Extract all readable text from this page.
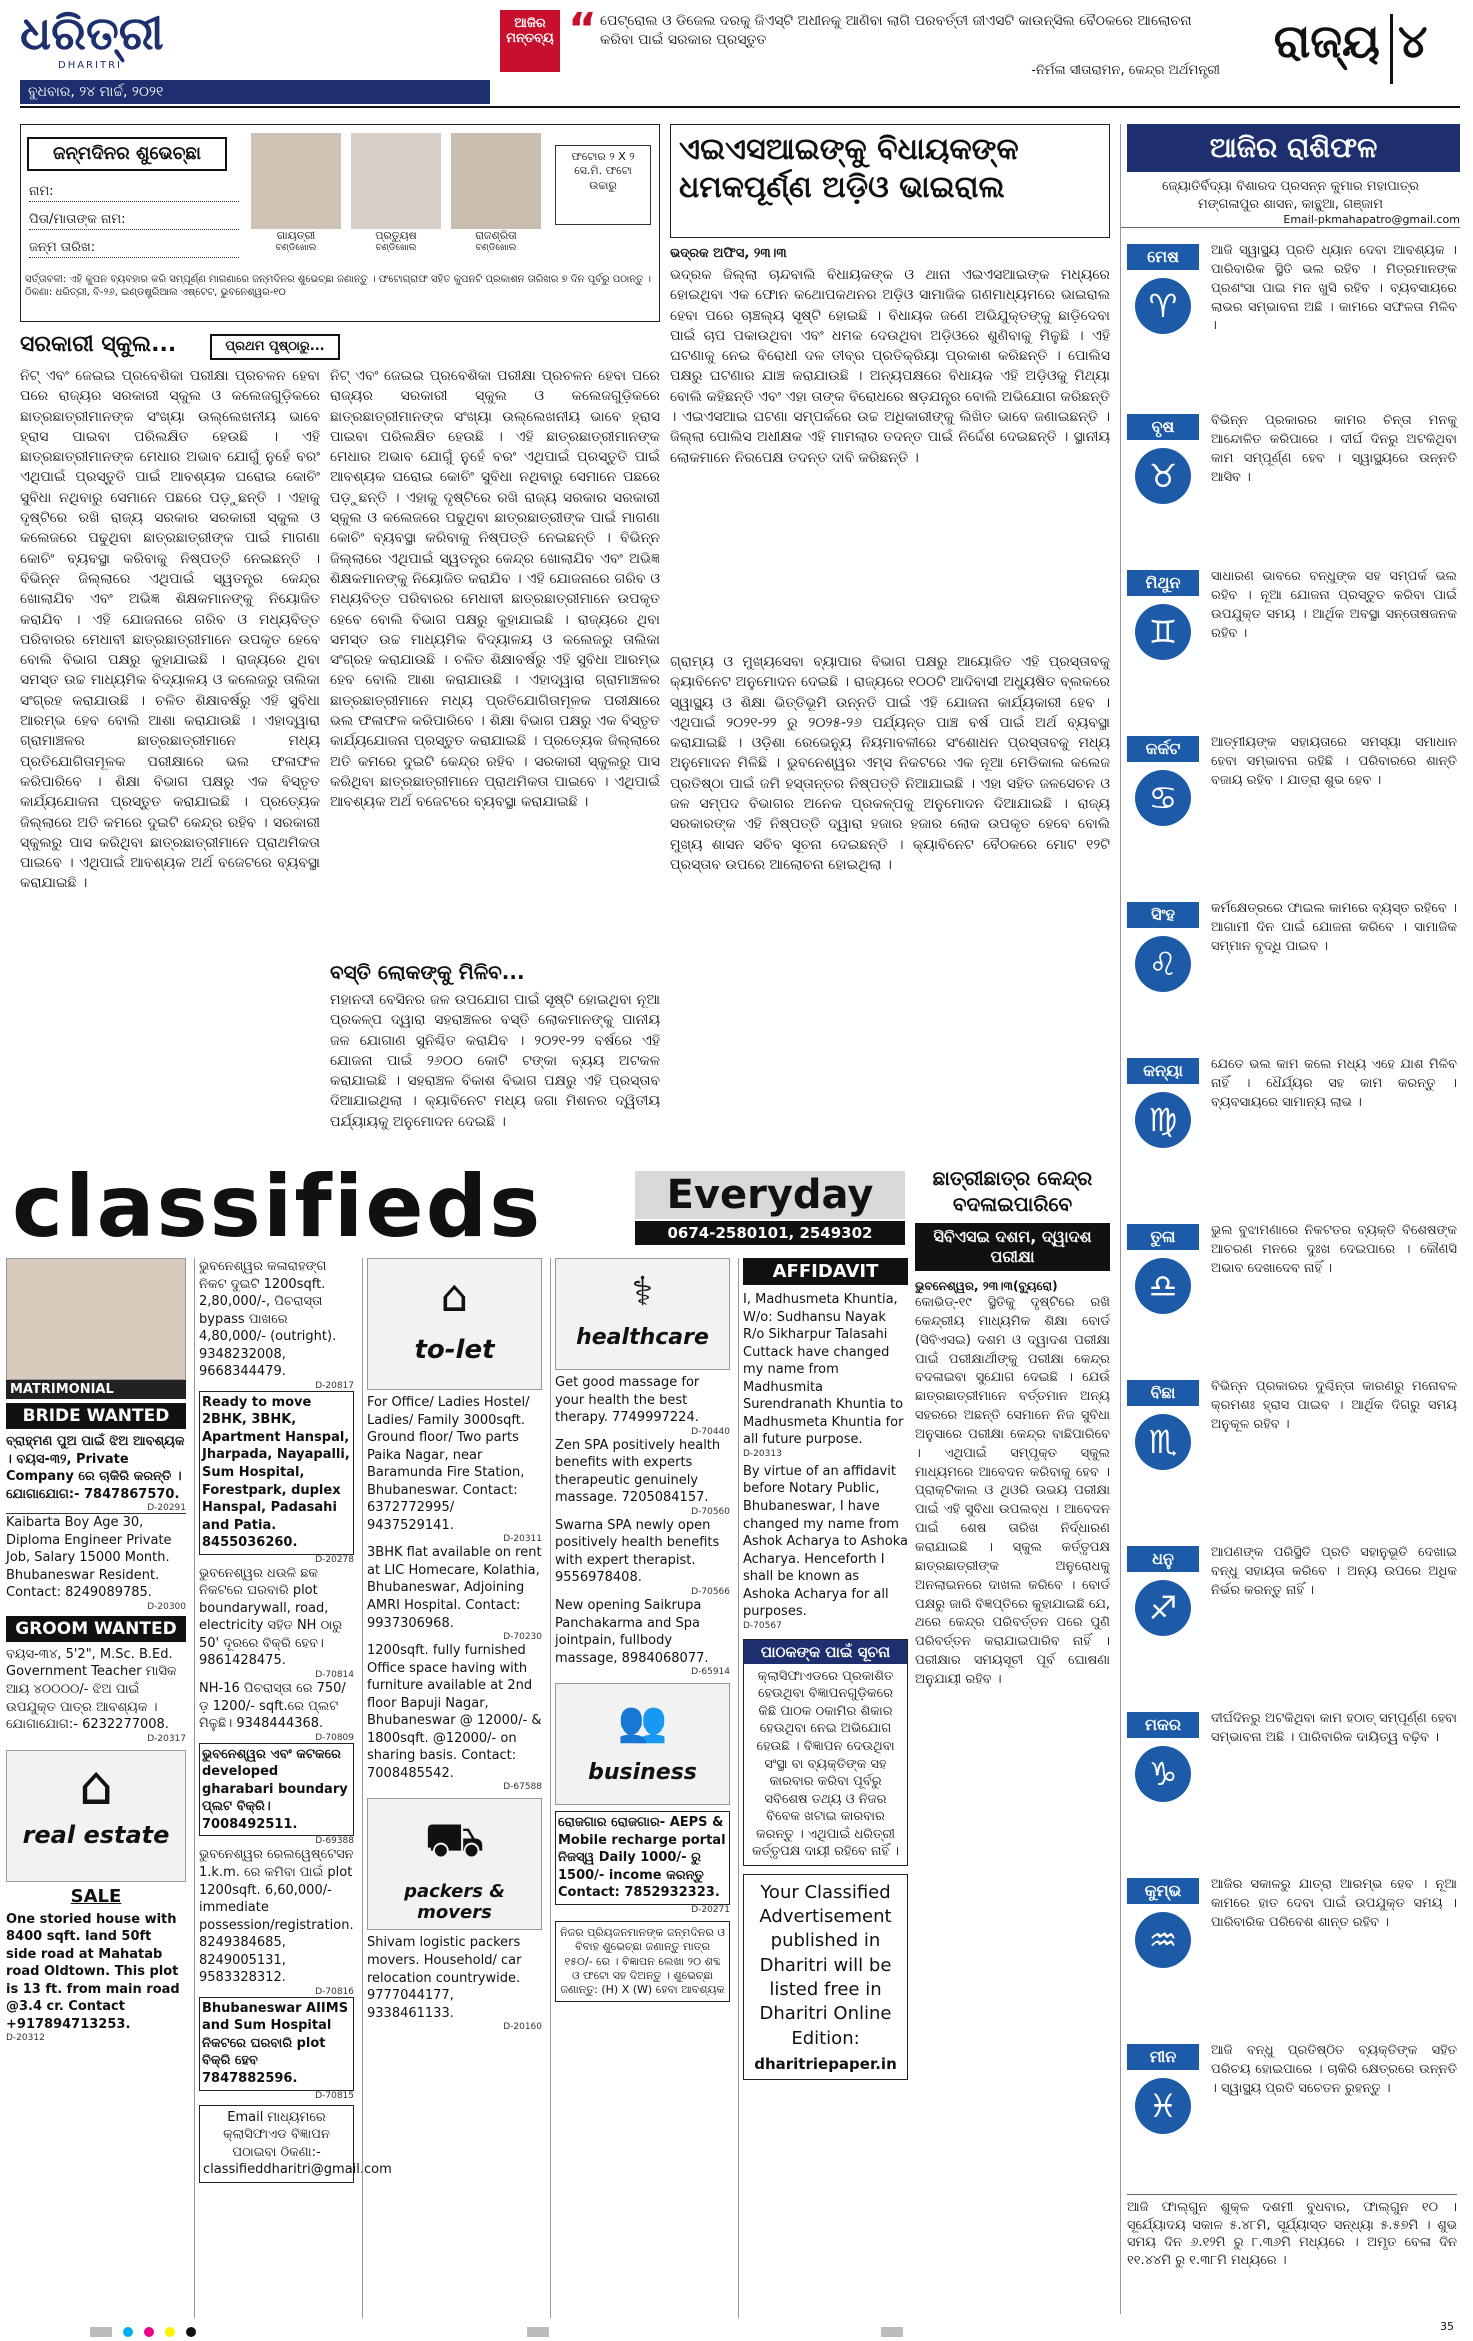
ଧରିତ୍ରୀ
DHARITRI
ବୁଧବାର, ୨୪ ମାର୍ଚ୍ଚ, ୨୦୨୧
ଆଜିର ମନ୍ତବ୍ୟ “ ପେଟ୍ରୋଲ ଓ ଡିଜେଲ ଦରକୁ ଜିଏସ୍‌ଟି ଅଧୀନକୁ ଆଣିବା ଲାଗି ପରବର୍ତ୍ତୀ ଜୀଏସଟି କାଉନ୍ସିଲ ବୈଠକରେ ଆଲୋଚନା କରିବା ପାଇଁ ସରକାର ପ୍ରସ୍ତୁତ
-ନିର୍ମଳା ସୀତାରାମନ, କେନ୍ଦ୍ର ଅର୍ଥମନ୍ତ୍ରୀ
ରାଜ୍ୟ ୪
ଜନ୍ମଦିନର ଶୁଭେଚ୍ଛା
ନାମ:
ପିତା/ମାତାଙ୍କ ନାମ:
ଜନ୍ମ ତାରିଖ:
ଗାୟତ୍ରୀ
ଚଣ୍ଡିଖୋଲ
ପ୍ରତ୍ୟୁଷ
ଚଣ୍ଡିଖୋଲ
ରାଜଶ୍ରିତା
ଚଣ୍ଡିଖୋଲ
ଫଟୋର ୨ X ୨ ସେ.ମି. ଫଟୋ ଉଚ୍ଚାରୁ
ସର୍ତ୍ତାବଳୀ: ଏହି କୁପନ ବ୍ୟବହାର କରି ସମ୍ପୂର୍ଣ୍ଣ ମାଗଣାରେ ଜନ୍ମଦିନର ଶୁଭେଚ୍ଛା ଜଣାନ୍ତୁ । ଫଟୋଗ୍ରାଫ ସହିତ କୁପନଟି ପ୍ରକାଶନ ତାରିଖର ୭ ଦିନ ପୂର୍ବରୁ ପଠାନ୍ତୁ । ଠିକଣା: ଧରିତ୍ରୀ, ବି-୨୬, ଇଣ୍ଡଷ୍ଟ୍ରିଆଲ ଏଷ୍ଟେଟ, ଭୁବନେଶ୍ୱର-୧୦
ସରକାରୀ ସ୍କୁଲ...
ନିଟ୍ ଏବଂ ଜେଇଇ ପ୍ରବେଶିକା ପରୀକ୍ଷା ପ୍ରଚଳନ ହେବା ପରେ ରାଜ୍ୟର ସରକାରୀ ସ୍କୁଲ ଓ କଲେଜଗୁଡ଼ିକରେ ଛାତ୍ରଛାତ୍ରୀମାନଙ୍କ ସଂଖ୍ୟା ଉଲ୍ଲେଖନୀୟ ଭାବେ ହ୍ରାସ ପାଇବା ପରିଲକ୍ଷିତ ହେଉଛି । ଏହି ଛାତ୍ରଛାତ୍ରୀମାନଙ୍କ ମେଧାର ଅଭାବ ଯୋଗୁଁ ନୁହେଁ ବରଂ ଏଥିପାଇଁ ପ୍ରସ୍ତୁତି ପାଇଁ ଆବଶ୍ୟକ ଘରୋଇ କୋଚିଂ ସୁବିଧା ନଥିବାରୁ ସେମାନେ ପଛରେ ପଡ଼ୁଛନ୍ତି । ଏହାକୁ ଦୃଷ୍ଟିରେ ରଖି ରାଜ୍ୟ ସରକାର ସରକାରୀ ସ୍କୁଲ ଓ କଲେଜରେ ପଢୁଥିବା ଛାତ୍ରଛାତ୍ରୀଙ୍କ ପାଇଁ ମାଗଣା କୋଚିଂ ବ୍ୟବସ୍ଥା କରିବାକୁ ନିଷ୍ପତ୍ତି ନେଇଛନ୍ତି । ବିଭିନ୍ନ ଜିଲ୍ଲାରେ ଏଥିପାଇଁ ସ୍ୱତନ୍ତ୍ର କେନ୍ଦ୍ର ଖୋଲାଯିବ ଏବଂ ଅଭିଜ୍ଞ ଶିକ୍ଷକମାନଙ୍କୁ ନିୟୋଜିତ କରାଯିବ । ଏହି ଯୋଜନାରେ ଗରିବ ଓ ମଧ୍ୟବିତ୍ତ ପରିବାରର ମେଧାବୀ ଛାତ୍ରଛାତ୍ରୀମାନେ ଉପକୃତ ହେବେ ବୋଲି ବିଭାଗ ପକ୍ଷରୁ କୁହାଯାଇଛି । ରାଜ୍ୟରେ ଥିବା ସମସ୍ତ ଉଚ୍ଚ ମାଧ୍ୟମିକ ବିଦ୍ୟାଳୟ ଓ କଲେଜରୁ ତାଲିକା ସଂଗ୍ରହ କରାଯାଉଛି । ଚଳିତ ଶିକ୍ଷାବର୍ଷରୁ ଏହି ସୁବିଧା ଆରମ୍ଭ ହେବ ବୋଲି ଆଶା କରାଯାଉଛି । ଏହାଦ୍ୱାରା ଗ୍ରାମାଞ୍ଚଳର ଛାତ୍ରଛାତ୍ରୀମାନେ ମଧ୍ୟ ପ୍ରତିଯୋଗିତାମୂଳକ ପରୀକ୍ଷାରେ ଭଲ ଫଳାଫଳ କରିପାରିବେ । ଶିକ୍ଷା ବିଭାଗ ପକ୍ଷରୁ ଏକ ବିସ୍ତୃତ କାର୍ଯ୍ୟଯୋଜନା ପ୍ରସ୍ତୁତ କରାଯାଇଛି । ପ୍ରତ୍ୟେକ ଜିଲ୍ଲାରେ ଅତି କମରେ ଦୁଇଟି କେନ୍ଦ୍ର ରହିବ । ସରକାରୀ ସ୍କୁଲରୁ ପାସ କରିଥିବା ଛାତ୍ରଛାତ୍ରୀମାନେ ପ୍ରାଥମିକତା ପାଇବେ । ଏଥିପାଇଁ ଆବଶ୍ୟକ ଅର୍ଥ ବଜେଟରେ ବ୍ୟବସ୍ଥା କରାଯାଇଛି ।
ପ୍ରଥମ ପୃଷ୍ଠାରୁ...
ନିଟ୍ ଏବଂ ଜେଇଇ ପ୍ରବେଶିକା ପରୀକ୍ଷା ପ୍ରଚଳନ ହେବା ପରେ ରାଜ୍ୟର ସରକାରୀ ସ୍କୁଲ ଓ କଲେଜଗୁଡ଼ିକରେ ଛାତ୍ରଛାତ୍ରୀମାନଙ୍କ ସଂଖ୍ୟା ଉଲ୍ଲେଖନୀୟ ଭାବେ ହ୍ରାସ ପାଇବା ପରିଲକ୍ଷିତ ହେଉଛି । ଏହି ଛାତ୍ରଛାତ୍ରୀମାନଙ୍କ ମେଧାର ଅଭାବ ଯୋଗୁଁ ନୁହେଁ ବରଂ ଏଥିପାଇଁ ପ୍ରସ୍ତୁତି ପାଇଁ ଆବଶ୍ୟକ ଘରୋଇ କୋଚିଂ ସୁବିଧା ନଥିବାରୁ ସେମାନେ ପଛରେ ପଡ଼ୁଛନ୍ତି । ଏହାକୁ ଦୃଷ୍ଟିରେ ରଖି ରାଜ୍ୟ ସରକାର ସରକାରୀ ସ୍କୁଲ ଓ କଲେଜରେ ପଢୁଥିବା ଛାତ୍ରଛାତ୍ରୀଙ୍କ ପାଇଁ ମାଗଣା କୋଚିଂ ବ୍ୟବସ୍ଥା କରିବାକୁ ନିଷ୍ପତ୍ତି ନେଇଛନ୍ତି । ବିଭିନ୍ନ ଜିଲ୍ଲାରେ ଏଥିପାଇଁ ସ୍ୱତନ୍ତ୍ର କେନ୍ଦ୍ର ଖୋଲାଯିବ ଏବଂ ଅଭିଜ୍ଞ ଶିକ୍ଷକମାନଙ୍କୁ ନିୟୋଜିତ କରାଯିବ । ଏହି ଯୋଜନାରେ ଗରିବ ଓ ମଧ୍ୟବିତ୍ତ ପରିବାରର ମେଧାବୀ ଛାତ୍ରଛାତ୍ରୀମାନେ ଉପକୃତ ହେବେ ବୋଲି ବିଭାଗ ପକ୍ଷରୁ କୁହାଯାଇଛି । ରାଜ୍ୟରେ ଥିବା ସମସ୍ତ ଉଚ୍ଚ ମାଧ୍ୟମିକ ବିଦ୍ୟାଳୟ ଓ କଲେଜରୁ ତାଲିକା ସଂଗ୍ରହ କରାଯାଉଛି । ଚଳିତ ଶିକ୍ଷାବର୍ଷରୁ ଏହି ସୁବିଧା ଆରମ୍ଭ ହେବ ବୋଲି ଆଶା କରାଯାଉଛି । ଏହାଦ୍ୱାରା ଗ୍ରାମାଞ୍ଚଳର ଛାତ୍ରଛାତ୍ରୀମାନେ ମଧ୍ୟ ପ୍ରତିଯୋଗିତାମୂଳକ ପରୀକ୍ଷାରେ ଭଲ ଫଳାଫଳ କରିପାରିବେ । ଶିକ୍ଷା ବିଭାଗ ପକ୍ଷରୁ ଏକ ବିସ୍ତୃତ କାର୍ଯ୍ୟଯୋଜନା ପ୍ରସ୍ତୁତ କରାଯାଇଛି । ପ୍ରତ୍ୟେକ ଜିଲ୍ଲାରେ ଅତି କମରେ ଦୁଇଟି କେନ୍ଦ୍ର ରହିବ । ସରକାରୀ ସ୍କୁଲରୁ ପାସ କରିଥିବା ଛାତ୍ରଛାତ୍ରୀମାନେ ପ୍ରାଥମିକତା ପାଇବେ । ଏଥିପାଇଁ ଆବଶ୍ୟକ ଅର୍ଥ ବଜେଟରେ ବ୍ୟବସ୍ଥା କରାଯାଇଛି ।
ଏଇଏସଆଇଙ୍କୁ ବିଧାୟକଙ୍କ ଧମକପୂର୍ଣ୍ଣ ଅଡ଼ିଓ ଭାଇରାଲ
ଭଦ୍ରକ ଅଫିସ, ୨୩।୩
ଭଦ୍ରକ ଜିଲ୍ଲା ଚାନ୍ଦବାଲି ବିଧାୟକଙ୍କ ଓ ଥାନା ଏଇଏସଆଇଙ୍କ ମଧ୍ୟରେ ହୋଇଥିବା ଏକ ଫୋନ କଥୋପକଥନର ଅଡ଼ିଓ ସାମାଜିକ ଗଣମାଧ୍ୟମରେ ଭାଇରାଲ ହେବା ପରେ ଚାଞ୍ଚଲ୍ୟ ସୃଷ୍ଟି ହୋଇଛି । ବିଧାୟକ ଜଣେ ଅଭିଯୁକ୍ତଙ୍କୁ ଛାଡ଼ିଦେବା ପାଇଁ ଚାପ ପକାଉଥିବା ଏବଂ ଧମକ ଦେଉଥିବା ଅଡ଼ିଓରେ ଶୁଣିବାକୁ ମିଳୁଛି । ଏହି ଘଟଣାକୁ ନେଇ ବିରୋଧୀ ଦଳ ତୀବ୍ର ପ୍ରତିକ୍ରିୟା ପ୍ରକାଶ କରିଛନ୍ତି । ପୋଲିସ ପକ୍ଷରୁ ଘଟଣାର ଯାଞ୍ଚ କରାଯାଉଛି । ଅନ୍ୟପକ୍ଷରେ ବିଧାୟକ ଏହି ଅଡ଼ିଓକୁ ମିଥ୍ୟା ବୋଲି କହିଛନ୍ତି ଏବଂ ଏହା ତାଙ୍କ ବିରୋଧରେ ଷଡ଼ଯନ୍ତ୍ର ବୋଲି ଅଭିଯୋଗ କରିଛନ୍ତି । ଏଇଏସଆଇ ଘଟଣା ସମ୍ପର୍କରେ ଉଚ୍ଚ ଅଧିକାରୀଙ୍କୁ ଲିଖିତ ଭାବେ ଜଣାଇଛନ୍ତି । ଜିଲ୍ଲା ପୋଲିସ ଅଧୀକ୍ଷକ ଏହି ମାମଲାର ତଦନ୍ତ ପାଇଁ ନିର୍ଦ୍ଦେଶ ଦେଇଛନ୍ତି । ସ୍ଥାନୀୟ ଲୋକମାନେ ନିରପେକ୍ଷ ତଦନ୍ତ ଦାବି କରିଛନ୍ତି ।
ଗ୍ରାମ୍ୟ ଓ ମୁଖ୍ୟସେବା ବ୍ୟାପାର ବିଭାଗ ପକ୍ଷରୁ ଆୟୋଜିତ ଏହି ପ୍ରସ୍ତାବକୁ କ୍ୟାବିନେଟ ଅନୁମୋଦନ ଦେଇଛି । ରାଜ୍ୟରେ ୧୦୦ଟି ଆଦିବାସୀ ଅଧ୍ୟୁଷିତ ବ୍ଲକରେ ସ୍ୱାସ୍ଥ୍ୟ ଓ ଶିକ୍ଷା ଭିତ୍ତିଭୂମି ଉନ୍ନତି ପାଇଁ ଏହି ଯୋଜନା କାର୍ଯ୍ୟକାରୀ ହେବ । ଏଥିପାଇଁ ୨୦୨୧-୨୨ ରୁ ୨୦୨୫-୨୬ ପର୍ଯ୍ୟନ୍ତ ପାଞ୍ଚ ବର୍ଷ ପାଇଁ ଅର୍ଥ ବ୍ୟବସ୍ଥା କରାଯାଇଛି । ଓଡ଼ିଶା ରେଭେନ୍ୟୁ ନିୟମାବଳୀରେ ସଂଶୋଧନ ପ୍ରସ୍ତାବକୁ ମଧ୍ୟ ଅନୁମୋଦନ ମିଳିଛି । ଭୁବନେଶ୍ୱର ଏମ୍ସ ନିକଟରେ ଏକ ନୂଆ ମେଡିକାଲ କଲେଜ ପ୍ରତିଷ୍ଠା ପାଇଁ ଜମି ହସ୍ତାନ୍ତର ନିଷ୍ପତ୍ତି ନିଆଯାଇଛି । ଏହା ସହିତ ଜଳସେଚନ ଓ ଜଳ ସମ୍ପଦ ବିଭାଗର ଅନେକ ପ୍ରକଳ୍ପକୁ ଅନୁମୋଦନ ଦିଆଯାଇଛି । ରାଜ୍ୟ ସରକାରଙ୍କ ଏହି ନିଷ୍ପତ୍ତି ଦ୍ୱାରା ହଜାର ହଜାର ଲୋକ ଉପକୃତ ହେବେ ବୋଲି ମୁଖ୍ୟ ଶାସନ ସଚିବ ସୂଚନା ଦେଇଛନ୍ତି । କ୍ୟାବିନେଟ ବୈଠକରେ ମୋଟ ୧୨ଟି ପ୍ରସ୍ତାବ ଉପରେ ଆଲୋଚନା ହୋଇଥିଲା ।
ବସ୍ତି ଲୋକଙ୍କୁ ମିଳିବ...
ମହାନଦୀ ବେସିନର ଜଳ ଉପଯୋଗ ପାଇଁ ସୃଷ୍ଟି ହୋଇଥିବା ନୂଆ ପ୍ରକଳ୍ପ ଦ୍ୱାରା ସହରାଞ୍ଚଳର ବସ୍ତି ଲୋକମାନଙ୍କୁ ପାନୀୟ ଜଳ ଯୋଗାଣ ସୁନିଶ୍ଚିତ କରାଯିବ । ୨୦୨୧-୨୨ ବର୍ଷରେ ଏହି ଯୋଜନା ପାଇଁ ୨୬୦୦ କୋଟି ଟଙ୍କା ବ୍ୟୟ ଅଟକଳ କରାଯାଇଛି । ସହରାଞ୍ଚଳ ବିକାଶ ବିଭାଗ ପକ୍ଷରୁ ଏହି ପ୍ରସ୍ତାବ ଦିଆଯାଇଥିଲା । କ୍ୟାବିନେଟ ମଧ୍ୟ ଜଗା ମିଶନର ଦ୍ୱିତୀୟ ପର୍ଯ୍ୟାୟକୁ ଅନୁମୋଦନ ଦେଇଛି ।
ଆଜିର ରାଶିଫଳ
ଜ୍ୟୋତିର୍ବିଦ୍ୟା ବିଶାରଦ ପ୍ରସନ୍ନ କୁମାର ମହାପାତ୍ର
ମଙ୍ଗଳାପୁର ଶାସନ, କାନ୍ଥୁଆ, ଗଞ୍ଜାମ
Email-pkmahapatro@gmail.com
ମେଷ
♈
ଆଜି ସ୍ୱାସ୍ଥ୍ୟ ପ୍ରତି ଧ୍ୟାନ ଦେବା ଆବଶ୍ୟକ । ପାରିବାରିକ ସ୍ଥିତି ଭଲ ରହିବ । ମିତ୍ରମାନଙ୍କ ପ୍ରଶଂସା ପାଇ ମନ ଖୁସି ରହିବ । ବ୍ୟବସାୟରେ ଲାଭର ସମ୍ଭାବନା ଅଛି । କାମରେ ସଫଳତା ମିଳିବ ।
ବୃଷ
♉
ବିଭିନ୍ନ ପ୍ରକାରର କାମର ଚିନ୍ତା ମନକୁ ଆନ୍ଦୋଳିତ କରିପାରେ । ଦୀର୍ଘ ଦିନରୁ ଅଟକିଥିବା କାମ ସମ୍ପୂର୍ଣ୍ଣ ହେବ । ସ୍ୱାସ୍ଥ୍ୟରେ ଉନ୍ନତି ଆସିବ ।
ମିଥୁନ
♊
ସାଧାରଣ ଭାବରେ ବନ୍ଧୁଙ୍କ ସହ ସମ୍ପର୍କ ଭଲ ରହିବ । ନୂଆ ଯୋଜନା ପ୍ରସ୍ତୁତ କରିବା ପାଇଁ ଉପଯୁକ୍ତ ସମୟ । ଆର୍ଥିକ ଅବସ୍ଥା ସନ୍ତୋଷଜନକ ରହିବ ।
କର୍କଟ
♋
ଆତ୍ମୀୟଙ୍କ ସହାୟତାରେ ସମସ୍ୟା ସମାଧାନ ହେବା ସମ୍ଭାବନା ରହିଛି । ପରିବାରରେ ଶାନ୍ତି ବଜାୟ ରହିବ । ଯାତ୍ରା ଶୁଭ ହେବ ।
ସିଂହ
♌
କର୍ମକ୍ଷେତ୍ରରେ ଫାଇଲ କାମରେ ବ୍ୟସ୍ତ ରହିବେ । ଆଗାମୀ ଦିନ ପାଇଁ ଯୋଜନା କରିବେ । ସାମାଜିକ ସମ୍ମାନ ବୃଦ୍ଧି ପାଇବ ।
କନ୍ୟା
♍
ଯେତେ ଭଲ କାମ କଲେ ମଧ୍ୟ ଏହେ ଯାଶ ମିଳିବ ନାହିଁ । ଧୈର୍ଯ୍ୟର ସହ କାମ କରନ୍ତୁ । ବ୍ୟବସାୟରେ ସାମାନ୍ୟ ଲାଭ ।
ତୁଳା
♎
ଭୁଲ ବୁଝାମଣାରେ ନିକଟତର ବ୍ୟକ୍ତି ବିଶେଷଙ୍କ ଆଚରଣ ମନରେ ଦୁଃଖ ଦେଇପାରେ । କୌଣସି ଅଭାବ ଦେଖାଦେବ ନାହିଁ ।
ବିଛା
♏
ବିଭିନ୍ନ ପ୍ରକାରର ଦୁଶ୍ଚିନ୍ତା କାରଣରୁ ମନୋବଳ କ୍ରମଶଃ ହ୍ରାସ ପାଇବ । ଆର୍ଥିକ ଦିଗରୁ ସମୟ ଅନୁକୂଳ ରହିବ ।
ଧନୁ
♐
ଆପଣଙ୍କ ପରିସ୍ଥିତି ପ୍ରତି ସହାନୁଭୂତି ଦେଖାଇ ବନ୍ଧୁ ସହାୟତା କରିବେ । ଅନ୍ୟ ଉପରେ ଅଧିକ ନିର୍ଭର କରନ୍ତୁ ନାହିଁ ।
ମକର
♑
ଦୀର୍ଘଦିନରୁ ଅଟକିଥିବା କାମ ହଠାତ୍ ସମ୍ପୂର୍ଣ୍ଣ ହେବା ସମ୍ଭାବନା ଅଛି । ପାରିବାରିକ ଦାୟିତ୍ୱ ବଢ଼ିବ ।
କୁମ୍ଭ
♒
ଆଜିର ସକାଳରୁ ଯାତ୍ରା ଆରମ୍ଭ ହେବ । ନୂଆ କାମରେ ହାତ ଦେବା ପାଇଁ ଉପଯୁକ୍ତ ସମୟ । ପାରିବାରିକ ପରିବେଶ ଶାନ୍ତ ରହିବ ।
ମୀନ
♓
ଆଜି ବନ୍ଧୁ ପ୍ରତିଷ୍ଠିତ ବ୍ୟକ୍ତିଙ୍କ ସହିତ ପରିଚୟ ହୋଇପାରେ । ଚାକିରି କ୍ଷେତ୍ରରେ ଉନ୍ନତି । ସ୍ୱାସ୍ଥ୍ୟ ପ୍ରତି ସଚେତନ ରୁହନ୍ତୁ ।
ଆଜି ଫାଲ୍ଗୁନ ଶୁକ୍ଳ ଦଶମୀ ବୁଧବାର, ଫାଲ୍ଗୁନ ୧୦ । ସୂର୍ଯ୍ୟୋଦୟ ସକାଳ ୫.୪୮ମି, ସୂର୍ଯ୍ୟାସ୍ତ ସନ୍ଧ୍ୟା ୫.୫୭ମି । ଶୁଭ ସମୟ ଦିନ ୬.୧୨ମି ରୁ ୮.୩୬ମି ମଧ୍ୟରେ । ଅମୃତ ବେଳା ଦିନ ୧୧.୪୪ମି ରୁ ୧.୩୮ମି ମଧ୍ୟରେ ।
classifieds	Everyday
0674-2580101, 2549302
ଛାତ୍ରୀଛାତ୍ର କେନ୍ଦ୍ର ବଦଳାଇପାରିବେ
ସିବିଏସଇ ଦଶମ, ଦ୍ୱାଦଶ ପରୀକ୍ଷା
ଭୁବନେଶ୍ୱର, ୨୩।୩(ବ୍ୟୁରୋ)
କୋଭିଡ୍-୧୯ ସ୍ଥିତିକୁ ଦୃଷ୍ଟିରେ ରଖି କେନ୍ଦ୍ରୀୟ ମାଧ୍ୟମିକ ଶିକ୍ଷା ବୋର୍ଡ (ସିବିଏସଇ) ଦଶମ ଓ ଦ୍ୱାଦଶ ପରୀକ୍ଷା ପାଇଁ ପରୀକ୍ଷାର୍ଥୀଙ୍କୁ ପରୀକ୍ଷା କେନ୍ଦ୍ର ବଦଳାଇବା ସୁଯୋଗ ଦେଇଛି । ଯେଉଁ ଛାତ୍ରଛାତ୍ରୀମାନେ ବର୍ତ୍ତମାନ ଅନ୍ୟ ସହରରେ ଅଛନ୍ତି ସେମାନେ ନିଜ ସୁବିଧା ଅନୁସାରେ ପରୀକ୍ଷା କେନ୍ଦ୍ର ବାଛିପାରିବେ । ଏଥିପାଇଁ ସମ୍ପୃକ୍ତ ସ୍କୁଲ ମାଧ୍ୟମରେ ଆବେଦନ କରିବାକୁ ହେବ । ପ୍ରାକ୍ଟିକାଲ ଓ ଥିଓରି ଉଭୟ ପରୀକ୍ଷା ପାଇଁ ଏହି ସୁବିଧା ଉପଲବ୍ଧ । ଆବେଦନ ପାଇଁ ଶେଷ ତାରିଖ ନିର୍ଦ୍ଧାରଣ କରାଯାଇଛି । ସ୍କୁଲ କର୍ତ୍ତୃପକ୍ଷ ଛାତ୍ରଛାତ୍ରୀଙ୍କ ଅନୁରୋଧକୁ ଅନଲାଇନରେ ଦାଖଲ କରିବେ । ବୋର୍ଡ ପକ୍ଷରୁ ଜାରି ବିଜ୍ଞପ୍ତିରେ କୁହାଯାଇଛି ଯେ, ଥରେ କେନ୍ଦ୍ର ପରିବର୍ତ୍ତନ ପରେ ପୁଣି ପରିବର୍ତ୍ତନ କରାଯାଇପାରିବ ନାହିଁ । ପରୀକ୍ଷାର ସମୟସୂଚୀ ପୂର୍ବ ଘୋଷଣା ଅନୁଯାୟୀ ରହିବ ।
MATRIMONIAL
BRIDE WANTED
ବ୍ରାହ୍ମଣ ପୁଅ ପାଇଁ ଝିଅ ଆବଶ୍ୟକ । ବୟସ-୩୨, Private Company ରେ ଚାକିରି କରନ୍ତି । ଯୋଗାଯୋଗ:- 7847867570.
D-20291
Kaibarta Boy Age 30, Diploma Engineer Private Job, Salary 15000 Month. Bhubaneswar Resident. Contact: 8249089785.
D-20300
GROOM WANTED
ବୟସ-୩୪, 5'2", M.Sc. B.Ed. Government Teacher ମାସିକ ଆୟ ୪୦୦୦୦/- ଝିଅ ପାଇଁ ଉପଯୁକ୍ତ ପାତ୍ର ଆବଶ୍ୟକ । ଯୋଗାଯୋଗ:- 6232277008.
D-20317
⌂
real estate
SALE
One storied house with 8400 sqft. land 50ft side road at Mahatab road Oldtown. This plot is 13 ft. from main road @3.4 cr. Contact +917894713253.
D-20312
ଭୁବନେଶ୍ୱର କଳାରାହଙ୍ଗ ନିକଟ ଦୁଇଟି 1200sqft. 2,80,000/-, ପିଚରାସ୍ତା bypass ପାଖରେ 4,80,000/- (outright). 9348232008, 9668344479.
D-20817
Ready to move 2BHK, 3BHK, Apartment Hanspal, Jharpada, Nayapalli, Sum Hospital, Forestpark, duplex Hanspal, Padasahi and Patia. 8455036260.
D-20278
ଭୁବନେଶ୍ୱର ଧଉଳି ଛକ ନିକଟରେ ଘରବାରି plot boundarywall, road, electricity ସହିତ NH ଠାରୁ 50' ଦୂରରେ ବିକ୍ରି ହେବ। 9861428475.
D-70814
NH-16 ପିଚରାସ୍ତା ରେ 750/ଡ଼ 1200/- sqft.ରେ ପ୍ଲଟ ମିଳୁଛି। 9348444368.
D-70809
ଭୁବନେଶ୍ୱର ଏବଂ କଟକରେ developed gharabari boundary ପ୍ଲଟ ବିକ୍ରି। 7008492511.
D-69388
ଭୁବନେଶ୍ୱର ରେଲୱେଷ୍ଟେସନ 1.k.m. ରେ କମିବା ପାଇଁ plot 1200sqft. 6,60,000/- immediate possession/registration. 8249384685, 8249005131, 9583328312.
D-70816
Bhubaneswar AIIMS and Sum Hospital ନିକଟରେ ଘରବାରି plot ବିକ୍ରି ହେବ 7847882596.
D-70815
Email ମାଧ୍ୟମରେ କ୍ଲାସିଫାଏଡ ବିଜ୍ଞାପନ ପଠାଇବା ଠିକଣା:- classifieddharitri@gmail.com
⌂
to-let
For Office/ Ladies Hostel/ Ladies/ Family 3000sqft. Ground floor/ Two parts Paika Nagar, near Baramunda Fire Station, Bhubaneswar. Contact: 6372772995/ 9437529141.
D-20311
3BHK flat available on rent at LIC Homecare, Kolathia, Bhubaneswar, Adjoining AMRI Hospital. Contact: 9937306968.
D-70230
1200sqft. fully furnished Office space having with furniture available at 2nd floor Bapuji Nagar, Bhubaneswar @ 12000/- & 1800sqft. @12000/- on sharing basis. Contact: 7008485542.
D-67588
⛟
packers & movers
Shivam logistic packers movers. Household/ car relocation countrywide. 9777044177, 9338461133.
D-20160
⚕
healthcare
Get good massage for your health the best therapy. 7749997224.
D-70440
Zen SPA positively health benefits with experts therapeutic genuinely massage. 7205084157.
D-70560
Swarna SPA newly open positively health benefits with expert therapist. 9556978408.
D-70566
New opening Saikrupa Panchakarma and Spa jointpain, fullbody massage, 8984068077.
D-65914
👥
business
ରୋଜଗାର ରୋଜଗାର- AEPS & Mobile recharge portal ନିଜସ୍ୱ Daily 1000/- ରୁ 1500/- income କରନ୍ତୁ Contact: 7852932323.
D-20271
ନିଜର ପ୍ରିୟଜନମାନଙ୍କ ଜନ୍ମଦିନର ଓ ବିବାହ ଶୁଭେଚ୍ଛା ଜଣାନ୍ତୁ ମାତ୍ର ୧୫୦/- ରେ । ବିଜ୍ଞାପନ ଲେଖା ୨୦ ଶବ୍ଦ ଓ ଫଟୋ ସହ ଦିଅନ୍ତୁ । ଶୁଭେଚ୍ଛା ଜଣାନ୍ତୁ: (H) X (W) ହେବା ଆବଶ୍ୟକ
AFFIDAVIT
I, Madhusmeta Khuntia, W/o: Sudhansu Nayak R/o Sikharpur Talasahi Cuttack have changed my name from Madhusmita Surendranath Khuntia to Madhusmeta Khuntia for all future purpose.
D-20313
By virtue of an affidavit before Notary Public, Bhubaneswar, I have changed my name from Ashok Acharya to Ashoka Acharya. Henceforth I shall be known as Ashoka Acharya for all purposes.
D-70567
ପାଠକଙ୍କ ପାଇଁ ସୂଚନା
କ୍ଲାସିଫାଏଡରେ ପ୍ରକାଶିତ ହେଉଥିବା ବିଜ୍ଞାପନଗୁଡ଼ିକରେ କିଛି ପାଠକ ଠକାମିର ଶିକାର ହେଉଥିବା ନେଇ ଅଭିଯୋଗ ହେଉଛି । ବିଜ୍ଞାପନ ଦେଉଥିବା ସଂସ୍ଥା ବା ବ୍ୟକ୍ତିଙ୍କ ସହ କାରବାର କରିବା ପୂର୍ବରୁ ସବିଶେଷ ତଥ୍ୟ ଓ ନିଜର ବିବେକ ଖଟାଇ କାରବାର କରନ୍ତୁ । ଏଥିପାଇଁ ଧରିତ୍ରୀ କର୍ତ୍ତୃପକ୍ଷ ଦାୟୀ ରହିବେ ନାହିଁ ।
Your Classified Advertisement published in Dharitri will be listed free in Dharitri Online Edition:
dharitriepaper.in

35
